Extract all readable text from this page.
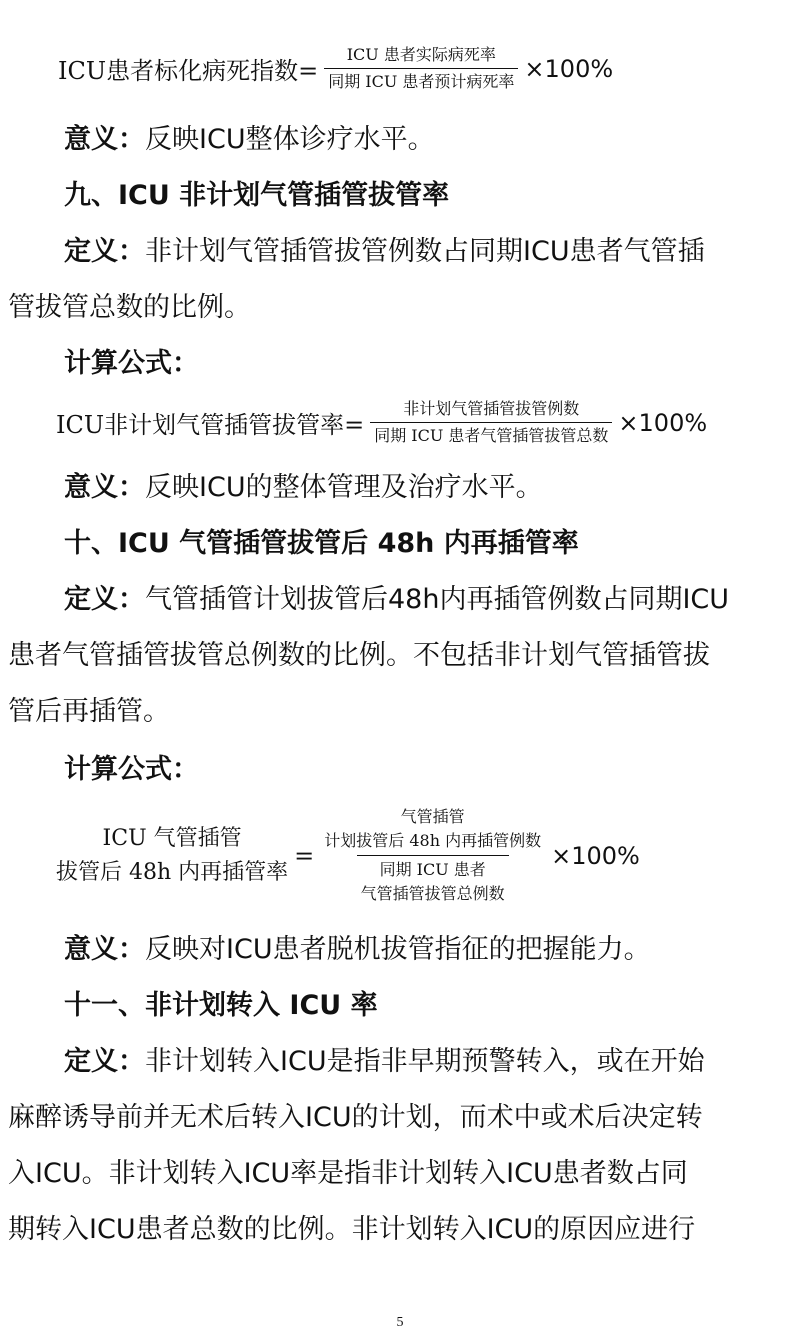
ICU患者标化病死指数= $\frac{\text{ICU 患者实际病死率}}{\text{同期 ICU 患者预计病死率}} \times 100\%$
意义：反映ICU整体诊疗水平。
九、ICU 非计划气管插管拔管率
定义：非计划气管插管拔管例数占同期ICU患者气管插
管拔管总数的比例。
计算公式：
ICU非计划气管插管拔管率= $\frac{\text{非计划气管插管拔管例数}}{\text{同期 ICU 患者气管插管拔管总数}} \times 100\%$
意义：反映ICU的整体管理及治疗水平。
十、ICU 气管插管拔管后 48h 内再插管率
定义：气管插管计划拔管后48h内再插管例数占同期ICU
患者气管插管拔管总例数的比例。不包括非计划气管插管拔
管后再插管。
计算公式：
ICU 气管插管
拔管后 48h 内再插管率
=
气管插管
计划拔管后 48h 内再插管例数
同期 ICU 患者
气管插管拔管总例数
×100%
意义：反映对ICU患者脱机拔管指征的把握能力。
十一、非计划转入 ICU 率
定义：非计划转入ICU是指非早期预警转入，或在开始
麻醉诱导前并无术后转入ICU的计划，而术中或术后决定转
入ICU。非计划转入ICU率是指非计划转入ICU患者数占同
期转入ICU患者总数的比例。非计划转入ICU的原因应进行
5
